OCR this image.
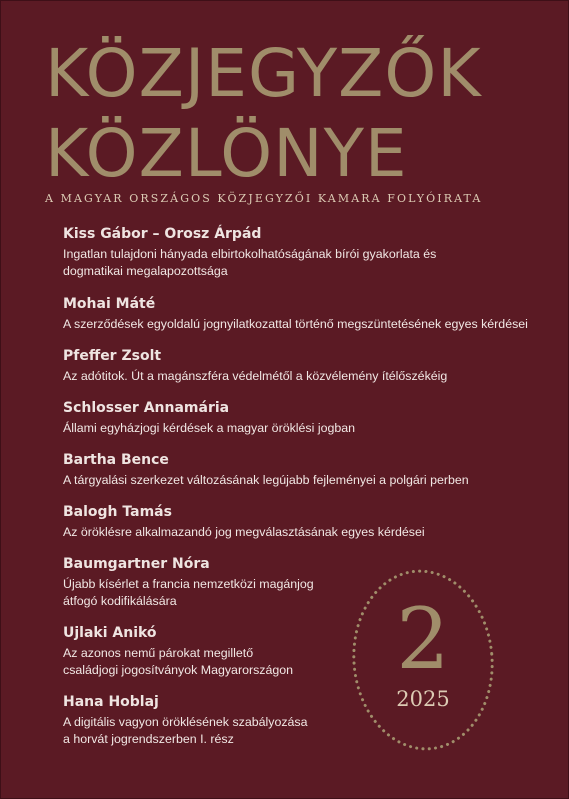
KÖZJEGYZŐK
KÖZLÖNYE
A MAGYAR ORSZÁGOS KÖZJEGYZŐI KAMARA FOLYÓIRATA
Kiss Gábor – Orosz Árpád
Ingatlan tulajdoni hányada elbirtokolhatóságának bírói gyakorlata és
dogmatikai megalapozottsága
Mohai Máté
A szerződések egyoldalú jognyilatkozattal történő megszüntetésének egyes kérdései
Pfeffer Zsolt
Az adótitok. Út a magánszféra védelmétől a közvélemény ítélőszékéig
Schlosser Annamária
Állami egyházjogi kérdések a magyar öröklési jogban
Bartha Bence
A tárgyalási szerkezet változásának legújabb fejleményei a polgári perben
Balogh Tamás
Az öröklésre alkalmazandó jog megválasztásának egyes kérdései
Baumgartner Nóra
Újabb kísérlet a francia nemzetközi magánjog
átfogó kodifikálására
Ujlaki Anikó
Az azonos nemű párokat megillető
családjogi jogosítványok Magyarországon
Hana Hoblaj
A digitális vagyon öröklésének szabályozása
a horvát jogrendszerben I. rész
2
2025
